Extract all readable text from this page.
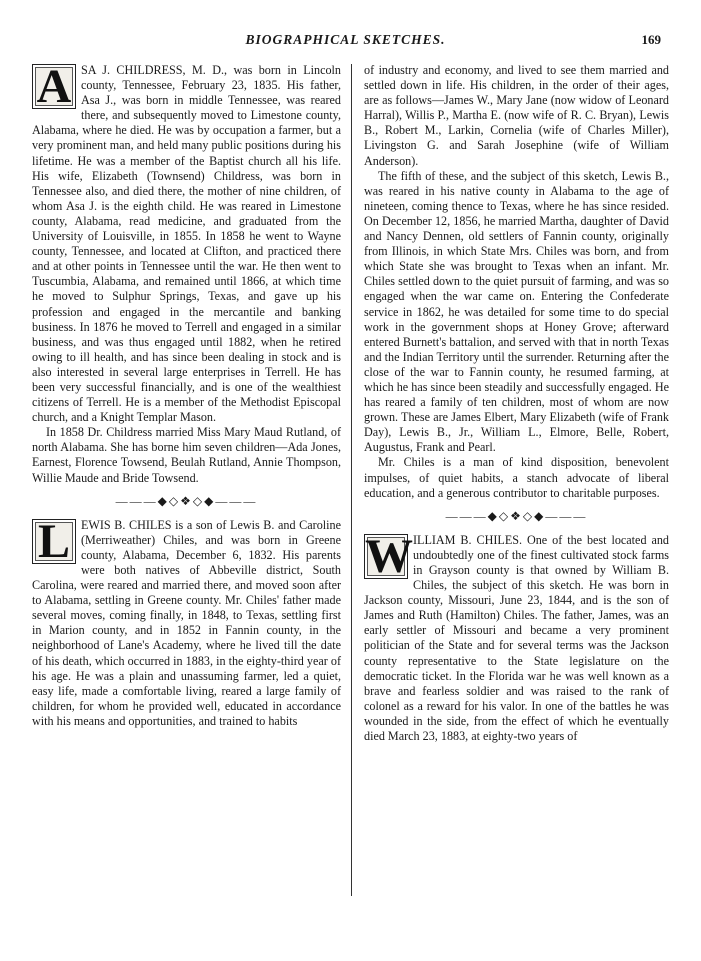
BIOGRAPHICAL SKETCHES.	169

A SA J. CHILDRESS, M. D., was born in Lincoln county, Tennessee, February 23, 1835. His father, Asa J., was born in middle Tennessee, was reared there, and subsequently moved to Limestone county, Alabama, where he died. He was by occupation a farmer, but a very prominent man, and held many public positions during his lifetime. He was a member of the Baptist church all his life. His wife, Elizabeth (Townsend) Childress, was born in Tennessee also, and died there, the mother of nine children, of whom Asa J. is the eighth child. He was reared in Limestone county, Alabama, read medicine, and graduated from the University of Louisville, in 1855. In 1858 he went to Wayne county, Tennessee, and located at Clifton, and practiced there and at other points in Tennessee until the war. He then went to Tuscumbia, Alabama, and remained until 1866, at which time he moved to Sulphur Springs, Texas, and gave up his profession and engaged in the mercantile and banking business. In 1876 he moved to Terrell and engaged in a similar business, and was thus engaged until 1882, when he retired owing to ill health, and has since been dealing in stock and is also interested in several large enterprises in Terrell. He has been very successful financially, and is one of the wealthiest citizens of Terrell. He is a member of the Methodist Episcopal church, and a Knight Templar Mason.

In 1858 Dr. Childress married Miss Mary Maud Rutland, of north Alabama. She has borne him seven children—Ada Jones, Earnest, Florence Towsend, Beulah Rutland, Annie Thompson, Willie Maude and Bride Towsend.

———◆◇❖◇◆———

L EWIS B. CHILES is a son of Lewis B. and Caroline (Merriweather) Chiles, and was born in Greene county, Alabama, December 6, 1832. His parents were both natives of Abbeville district, South Carolina, were reared and married there, and moved soon after to Alabama, settling in Greene county. Mr. Chiles' father made several moves, coming finally, in 1848, to Texas, settling first in Marion county, and in 1852 in Fannin county, in the neighborhood of Lane's Academy, where he lived till the date of his death, which occurred in 1883, in the eighty-third year of his age. He was a plain and unassuming farmer, led a quiet, easy life, made a comfortable living, reared a large family of children, for whom he provided well, educated in accordance with his means and opportunities, and trained to habits

of industry and economy, and lived to see them married and settled down in life. His children, in the order of their ages, are as follows—James W., Mary Jane (now widow of Leonard Harral), Willis P., Martha E. (now wife of R. C. Bryan), Lewis B., Robert M., Larkin, Cornelia (wife of Charles Miller), Livingston G. and Sarah Josephine (wife of William Anderson).

The fifth of these, and the subject of this sketch, Lewis B., was reared in his native county in Alabama to the age of nineteen, coming thence to Texas, where he has since resided. On December 12, 1856, he married Martha, daughter of David and Nancy Dennen, old settlers of Fannin county, originally from Illinois, in which State Mrs. Chiles was born, and from which State she was brought to Texas when an infant. Mr. Chiles settled down to the quiet pursuit of farming, and was so engaged when the war came on. Entering the Confederate service in 1862, he was detailed for some time to do special work in the government shops at Honey Grove; afterward entered Burnett's battalion, and served with that in north Texas and the Indian Territory until the surrender. Returning after the close of the war to Fannin county, he resumed farming, at which he has since been steadily and successfully engaged. He has reared a family of ten children, most of whom are now grown. These are James Elbert, Mary Elizabeth (wife of Frank Day), Lewis B., Jr., William L., Elmore, Belle, Robert, Augustus, Frank and Pearl.

Mr. Chiles is a man of kind disposition, benevolent impulses, of quiet habits, a stanch advocate of liberal education, and a generous contributor to charitable purposes.

———◆◇❖◇◆———

W ILLIAM B. CHILES. One of the best located and undoubtedly one of the finest cultivated stock farms in Grayson county is that owned by William B. Chiles, the subject of this sketch. He was born in Jackson county, Missouri, June 23, 1844, and is the son of James and Ruth (Hamilton) Chiles. The father, James, was an early settler of Missouri and became a very prominent politician of the State and for several terms was the Jackson county representative to the State legislature on the democratic ticket. In the Florida war he was well known as a brave and fearless soldier and was raised to the rank of colonel as a reward for his valor. In one of the battles he was wounded in the side, from the effect of which he eventually died March 23, 1883, at eighty-two years of
